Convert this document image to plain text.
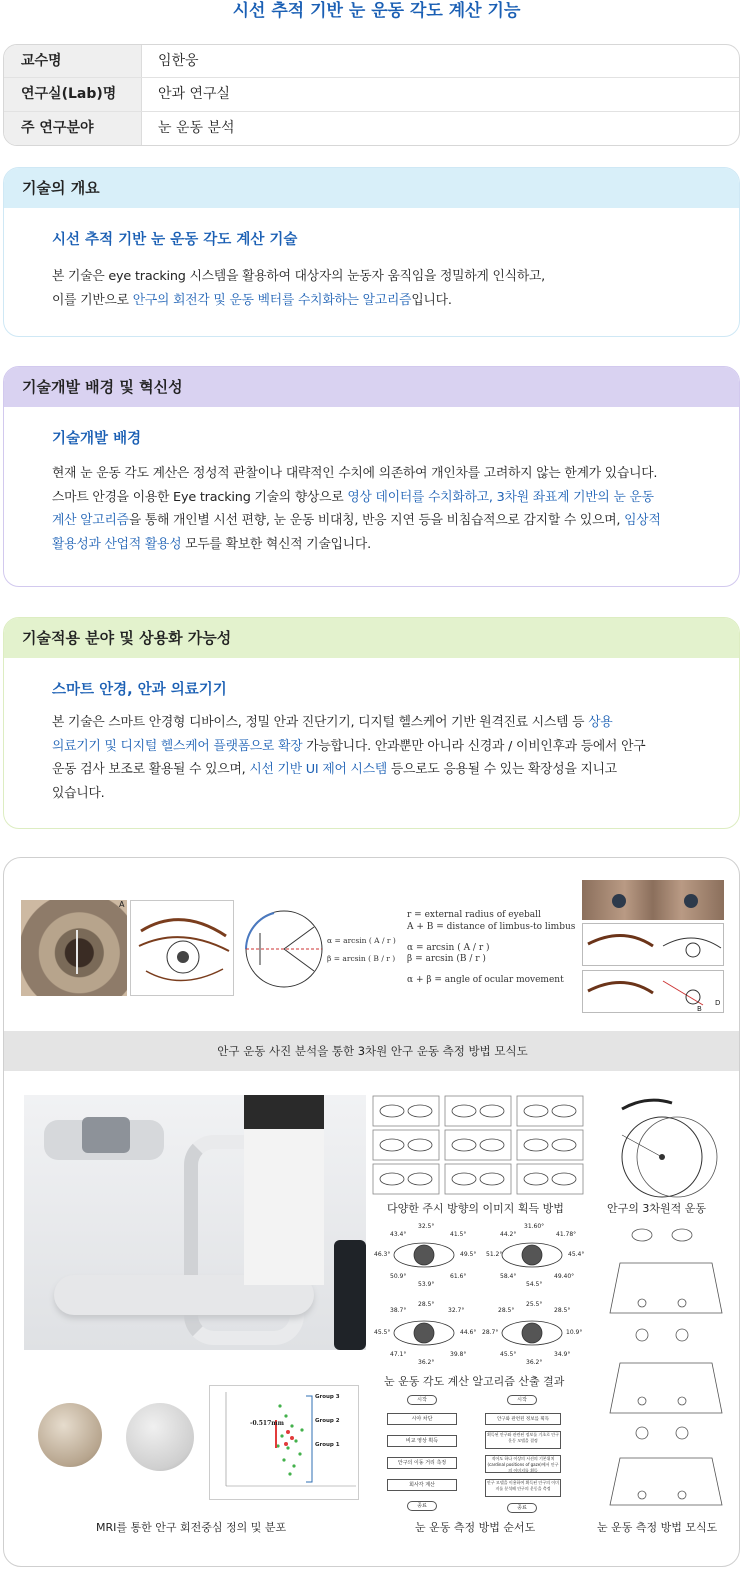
시선 추적 기반 눈 운동 각도 계산 기능
교수명	임한웅
연구실(Lab)명	안과 연구실
주 연구분야	눈 운동 분석
기술의 개요
시선 추적 기반 눈 운동 각도 계산 기술
본 기술은 eye tracking 시스템을 활용하여 대상자의 눈동자 움직임을 정밀하게 인식하고,
이를 기반으로 안구의 회전각 및 운동 벡터를 수치화하는 알고리즘입니다.
기술개발 배경 및 혁신성
기술개발 배경
현재 눈 운동 각도 계산은 정성적 관찰이나 대략적인 수치에 의존하여 개인차를 고려하지 않는 한계가 있습니다.
스마트 안경을 이용한 Eye tracking 기술의 향상으로 영상 데이터를 수치화하고, 3차원 좌표계 기반의 눈 운동
계산 알고리즘을 통해 개인별 시선 편향, 눈 운동 비대칭, 반응 지연 등을 비침습적으로 감지할 수 있으며, 임상적
활용성과 산업적 활용성 모두를 확보한 혁신적 기술입니다.
기술적용 분야 및 상용화 가능성
스마트 안경, 안과 의료기기
본 기술은 스마트 안경형 디바이스, 정밀 안과 진단기기, 디지털 헬스케어 기반 원격진료 시스템 등 상용
의료기기 및 디지털 헬스케어 플랫폼으로 확장 가능합니다. 안과뿐만 아니라 신경과 / 이비인후과 등에서 안구
운동 검사 보조로 활용될 수 있으며, 시선 기반 UI 제어 시스템 등으로도 응용될 수 있는 확장성을 지니고
있습니다.
A
α = arcsin ( A / r )
β = arcsin ( B / r )
r = external radius of eyeball
A + B = distance of limbus-to limbus
α = arcsin ( A / r )
β = arcsin (B / r )
α + β = angle of ocular movement
B
D
안구 운동 사진 분석을 통한 3차원 안구 운동 측정 방법 모식도
다양한 주시 방향의 이미지 획득 방법	안구의 3차원적 운동
32.5°
41.5°
43.4°
49.5°
46.3°
50.9°	61.6°
53.9°
31.60°
44.2°	41.78°
51.2°	45.4°
58.4°	49.40°
54.5°
38.7°
28.5°
32.7°
45.5°	44.6°
47.1°	39.8°
36.2°
25.5°
28.5°	28.5°
28.7°	10.9°
45.5°	34.9°
36.2°
눈 운동 각도 계산 알고리즘 산출 결과
-0.517mm
Group 3
Group 2
Group 1
MRI를 통한 안구 회전중심 정의 및 분포
시작
시야 차단
비교 영상 획득
안구의 이동 거리 측정
회사각 계산
종료
시작
안구와 관련된 정보를 획득
획득된 안구와 관련된 정보를 기초로 안구 운동 모델을 결정
적어도 하나 이상의 시선의 기본위치(cardinal positions of gaze)에서 안구의 이미지를 획득
안구 모델을 이용하여 획득된 안구의 이미지를 분석해 안구의 운동을 측정
종료
눈 운동 측정 방법 순서도	눈 운동 측정 방법 모식도
